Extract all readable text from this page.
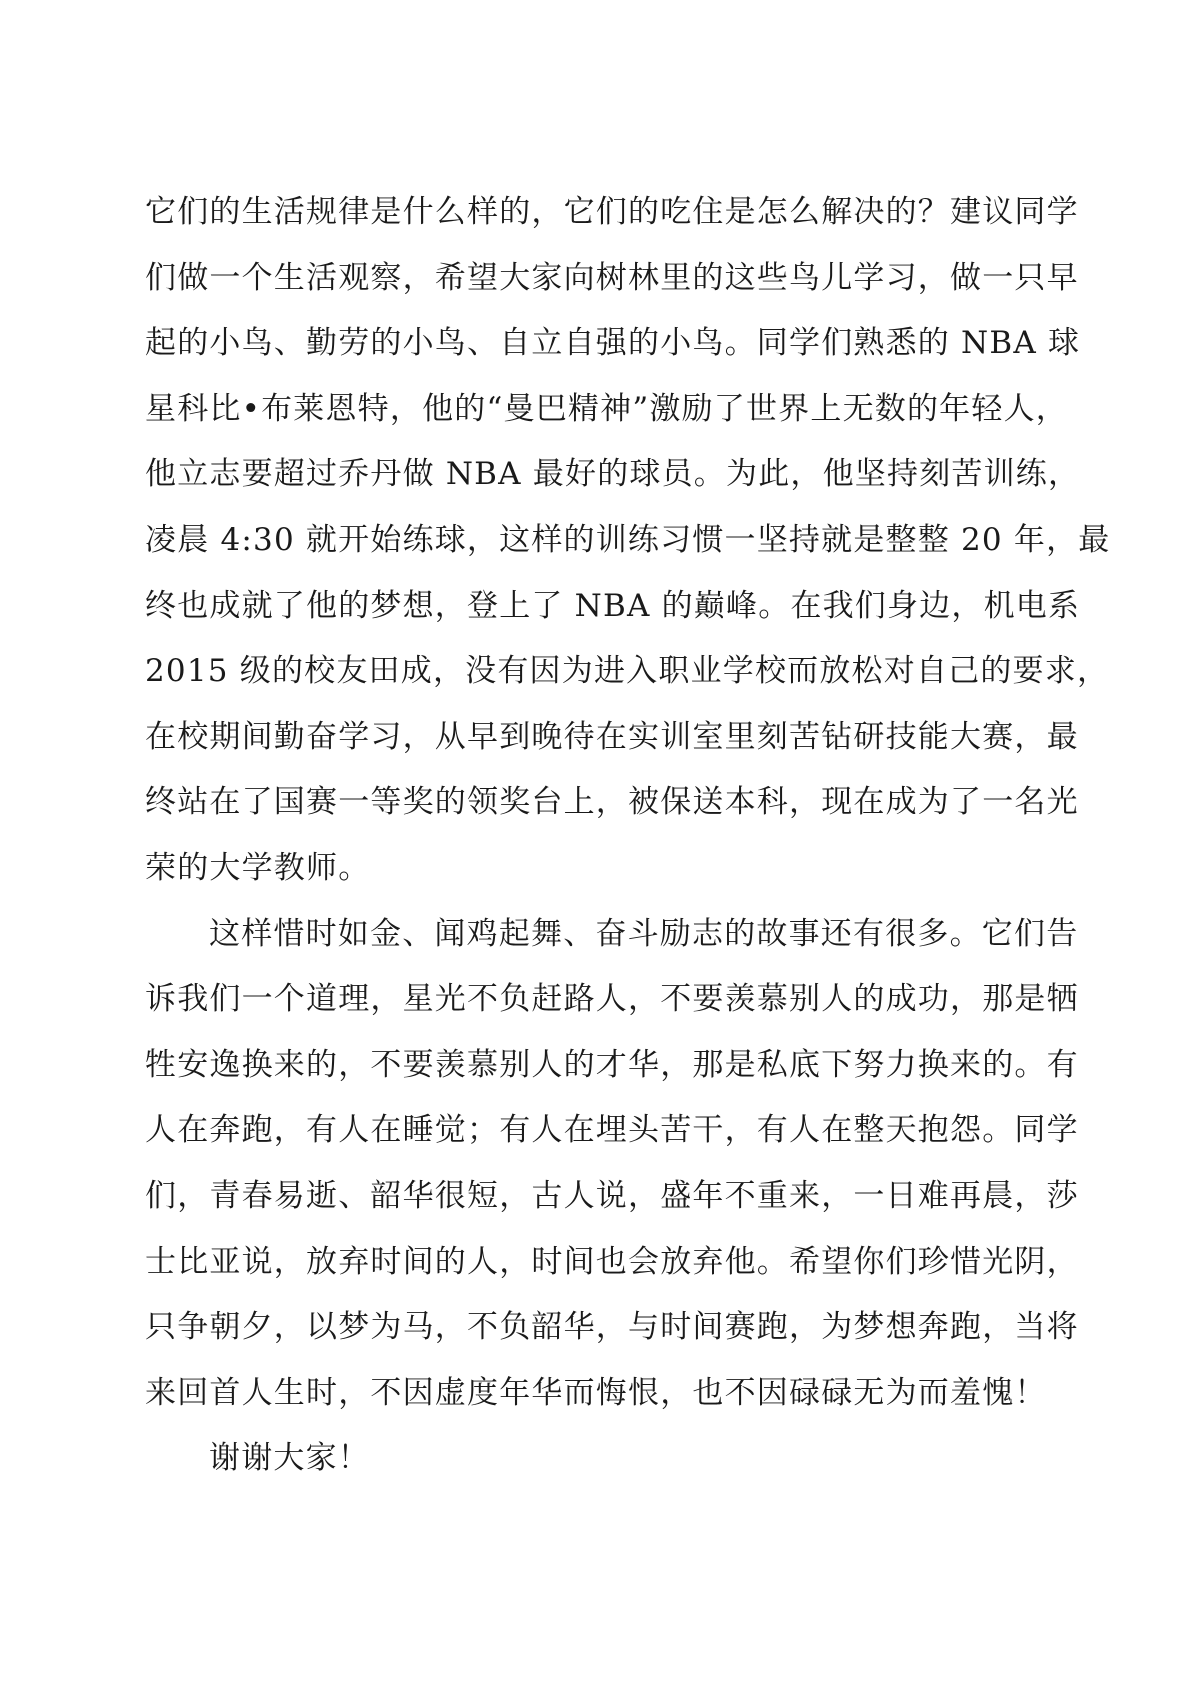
它们的生活规律是什么样的，它们的吃住是怎么解决的？建议同学
们做一个生活观察，希望大家向树林里的这些鸟儿学习，做一只早
起的小鸟、勤劳的小鸟、自立自强的小鸟。同学们熟悉的 NBA 球
星科比•布莱恩特，他的“曼巴精神”激励了世界上无数的年轻人，
他立志要超过乔丹做 NBA 最好的球员。为此，他坚持刻苦训练，
凌晨 4:30 就开始练球，这样的训练习惯一坚持就是整整 20 年，最
终也成就了他的梦想，登上了 NBA 的巅峰。在我们身边，机电系
2015 级的校友田成，没有因为进入职业学校而放松对自己的要求，
在校期间勤奋学习，从早到晚待在实训室里刻苦钻研技能大赛，最
终站在了国赛一等奖的领奖台上，被保送本科，现在成为了一名光
荣的大学教师。
这样惜时如金、闻鸡起舞、奋斗励志的故事还有很多。它们告
诉我们一个道理，星光不负赶路人，不要羡慕别人的成功，那是牺
牲安逸换来的，不要羡慕别人的才华，那是私底下努力换来的。有
人在奔跑，有人在睡觉；有人在埋头苦干，有人在整天抱怨。同学
们，青春易逝、韶华很短，古人说，盛年不重来，一日难再晨，莎
士比亚说，放弃时间的人，时间也会放弃他。希望你们珍惜光阴，
只争朝夕，以梦为马，不负韶华，与时间赛跑，为梦想奔跑，当将
来回首人生时，不因虚度年华而悔恨，也不因碌碌无为而羞愧！
谢谢大家！
